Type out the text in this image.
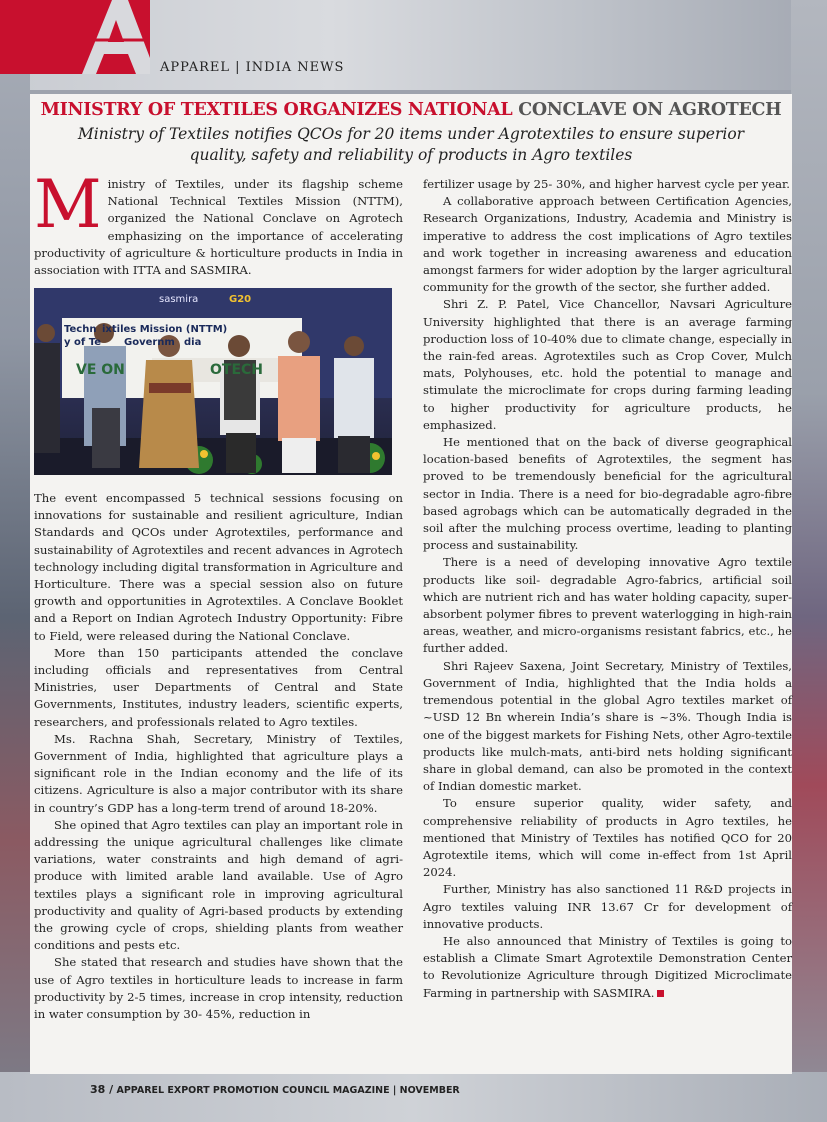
APPAREL | INDIA NEWS
MINISTRY OF TEXTILES ORGANIZES NATIONAL CONCLAVE ON AGROTECH
Ministry of Textiles notifies QCOs for 20 items under Agrotextiles to ensure superior quality, safety and reliability of products in Agro textiles
M inistry of Textiles, under its flagship scheme National Technical Textiles Mission (NTTM), organized the National Conclave on Agrotech emphasizing on the importance of accelerating productivity of agriculture & horticulture products in India in association with ITTA and SASMIRA.
Techn ixtiles Mission (NTTM)
y of Te Governm dia
sasmira	G20
VE ON	OTECH

The event encompassed 5 technical sessions focusing on innovations for sustainable and resilient agriculture, Indian Standards and QCOs under Agrotextiles, performance and sustainability of Agrotextiles and recent advances in Agrotech technology including digital transformation in Agriculture and Horticulture. There was a special session also on future growth and opportunities in Agrotextiles. A Conclave Booklet and a Report on Indian Agrotech Industry Opportunity: Fibre to Field, were released during the National Conclave.

More than 150 participants attended the conclave including officials and representatives from Central Ministries, user Departments of Central and State Governments, Institutes, industry leaders, scientific experts, researchers, and professionals related to Agro textiles.

Ms. Rachna Shah, Secretary, Ministry of Textiles, Government of India, highlighted that agriculture plays a significant role in the Indian economy and the life of its citizens. Agriculture is also a major contributor with its share in country’s GDP has a long-term trend of around 18-20%.

She opined that Agro textiles can play an important role in addressing the unique agricultural challenges like climate variations, water constraints and high demand of agri-produce with limited arable land available. Use of Agro textiles plays a significant role in improving agricultural productivity and quality of Agri-based products by extending the growing cycle of crops, shielding plants from weather conditions and pests etc.

She stated that research and studies have shown that the use of Agro textiles in horticulture leads to increase in farm productivity by 2-5 times, increase in crop intensity, reduction in water consumption by 30- 45%, reduction in

fertilizer usage by 25- 30%, and higher harvest cycle per year.

A collaborative approach between Certification Agencies, Research Organizations, Industry, Academia and Ministry is imperative to address the cost implications of Agro textiles and work together in increasing awareness and education amongst farmers for wider adoption by the larger agricultural community for the growth of the sector, she further added.

Shri Z. P. Patel, Vice Chancellor, Navsari Agriculture University highlighted that there is an average farming production loss of 10-40% due to climate change, especially in the rain-fed areas. Agrotextiles such as Crop Cover, Mulch mats, Polyhouses, etc. hold the potential to manage and stimulate the microclimate for crops during farming leading to higher productivity for agriculture products, he emphasized.

He mentioned that on the back of diverse geographical location-based benefits of Agrotextiles, the segment has proved to be tremendously beneficial for the agricultural sector in India. There is a need for bio-degradable agro-fibre based agrobags which can be automatically degraded in the soil after the mulching process overtime, leading to planting process and sustainability.

There is a need of developing innovative Agro textile products like soil- degradable Agro-fabrics, artificial soil which are nutrient rich and has water holding capacity, super- absorbent polymer fibres to prevent waterlogging in high-rain areas, weather, and micro-organisms resistant fabrics, etc., he further added.

Shri Rajeev Saxena, Joint Secretary, Ministry of Textiles, Government of India, highlighted that the India holds a tremendous potential in the global Agro textiles market of ~USD 12 Bn wherein India’s share is ~3%. Though India is one of the biggest markets for Fishing Nets, other Agro-textile products like mulch-mats, anti-bird nets holding significant share in global demand, can also be promoted in the context of Indian domestic market.

To ensure superior quality, wider safety, and comprehensive reliability of products in Agro textiles, he mentioned that Ministry of Textiles has notified QCO for 20 Agrotextile items, which will come in-effect from 1st April 2024.

Further, Ministry has also sanctioned 11 R&D projects in Agro textiles valuing INR 13.67 Cr for development of innovative products.

He also announced that Ministry of Textiles is going to establish a Climate Smart Agrotextile Demonstration Center to Revolutionize Agriculture through Digitized Microclimate Farming in partnership with SASMIRA.

38 / APPAREL EXPORT PROMOTION COUNCIL MAGAZINE | NOVEMBER
